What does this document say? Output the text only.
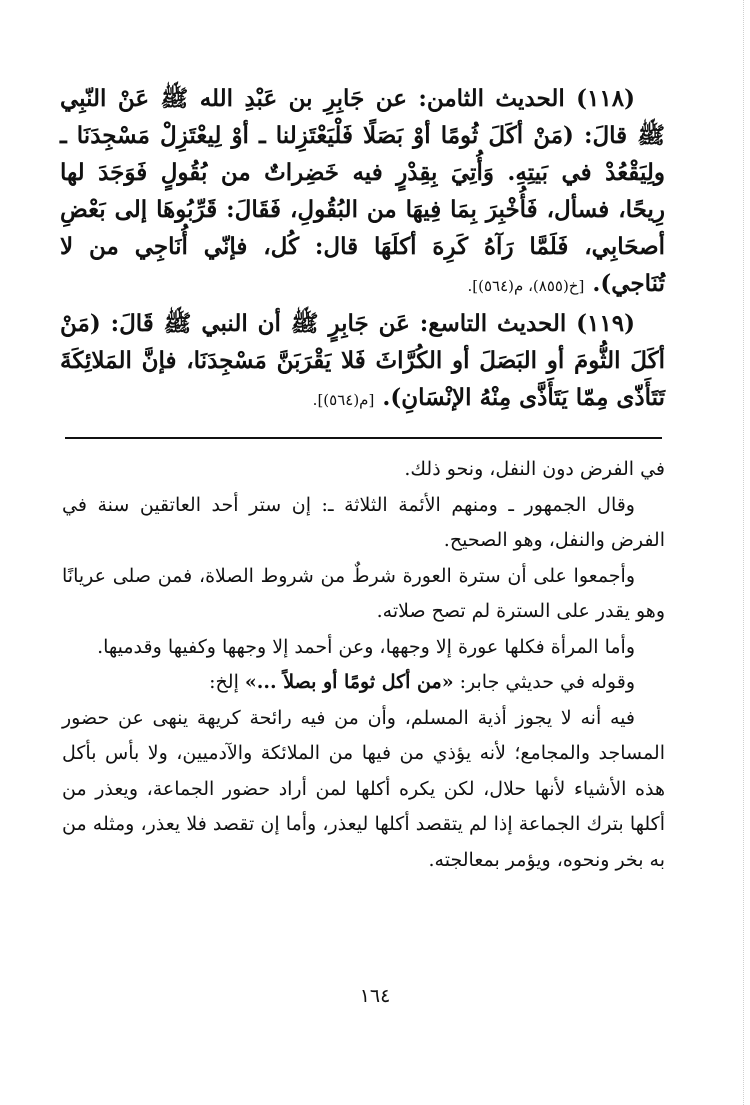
(١١٨) الحديث الثامن: عن جَابِرِ بن عَبْدِ الله ﷺ عَنْ النّبِي ﷺ قالَ: (مَنْ أكَلَ ثُومًا أوْ بَصَلًا فَلْيَعْتَزِلنا ـ أوْ لِيعْتَزِلْ مَسْجِدَنَا ـ ولِيَقْعُدْ في بَيتِهِ. وَأُتِيَ بِقِدْرٍ فيه خَضِراتٌ من بُقُولٍ فَوَجَدَ لها رِيحًا، فسأل، فَأُخْبِرَ بِمَا فِيهَا من البُقُولِ، فَقَالَ: قَرِّبُوهَا إلى بَعْضِ أصحَابِي، فَلَمَّا رَآهُ كَرِهَ أكلَهَا قال: كُل، فإنّي أُنَاجِي من لا تُنَاجي). [خ(٨٥٥)، م(٥٦٤)].

(١١٩) الحديث التاسع: عَن جَابِرٍ ﷺ أن النبي ﷺ قَالَ: (مَنْ أكَلَ الثُّومَ أو البَصَلَ أو الكُرَّاثَ فَلا يَقْرَبَنَّ مَسْجِدَنَا، فإنَّ المَلائِكَةَ تَتَأَذّى مِمّا يَتَأَذَّى مِنْهُ الإنْسَانِ). [م(٥٦٤)].

في الفرض دون النفل، ونحو ذلك.

وقال الجمهور ـ ومنهم الأئمة الثلاثة ـ: إن ستر أحد العاتقين سنة في الفرض والنفل، وهو الصحيح.

وأجمعوا على أن سترة العورة شرطٌ من شروط الصلاة، فمن صلى عريانًا وهو يقدر على السترة لم تصح صلاته.

وأما المرأة فكلها عورة إلا وجهها، وعن أحمد إلا وجهها وكفيها وقدميها.

وقوله في حديثي جابر: «من أكل ثومًا أو بصلاً ...» إلخ:

فيه أنه لا يجوز أذية المسلم، وأن من فيه رائحة كريهة ينهى عن حضور المساجد والمجامع؛ لأنه يؤذي من فيها من الملائكة والآدميين، ولا بأس بأكل هذه الأشياء لأنها حلال، لكن يكره أكلها لمن أراد حضور الجماعة، ويعذر من أكلها بترك الجماعة إذا لم يتقصد أكلها ليعذر، وأما إن تقصد فلا يعذر، ومثله من به بخر ونحوه، ويؤمر بمعالجته.

١٦٤
